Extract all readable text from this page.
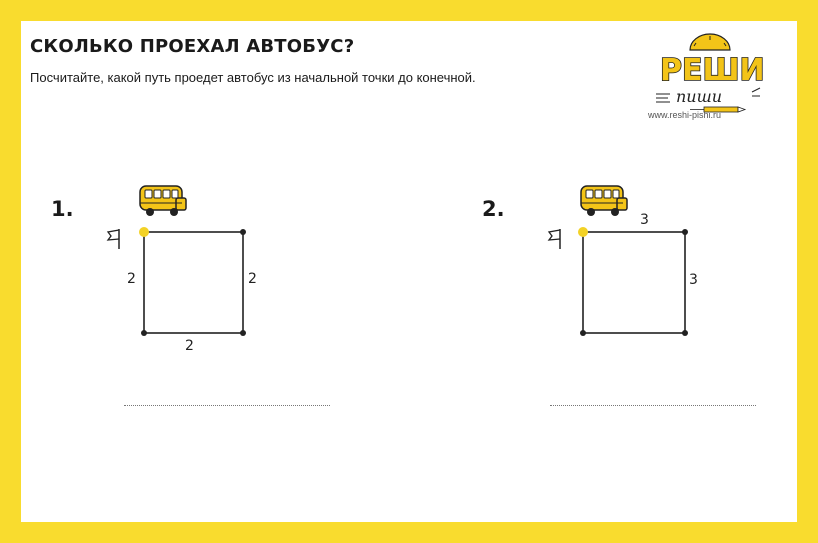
СКОЛЬКО ПРОЕХАЛ АВТОБУС?
Посчитайте, какой путь проедет автобус из начальной точки до конечной.	РЕШИ
пиши
www.reshi-pishi.ru
1.
2	2
2
2.	3
3
